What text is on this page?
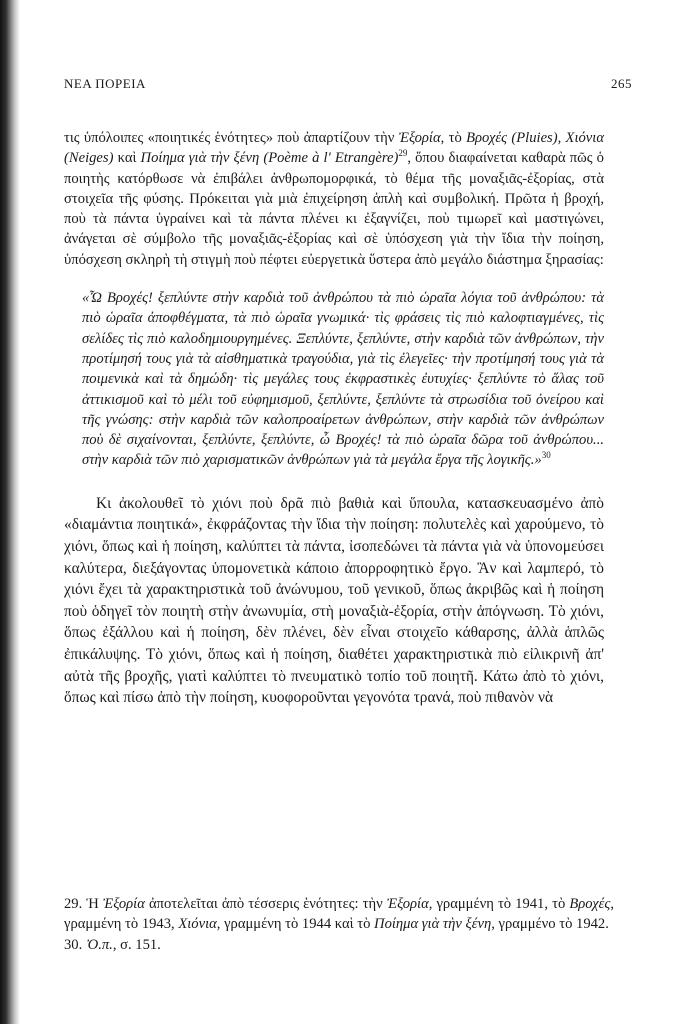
ΝΕΑ ΠΟΡΕΙΑ	265

τις ὑπόλοιπες «ποιητικές ἑνότητες» ποὺ ἀπαρτίζουν τὴν Ἐξορία, τὸ Βροχές (Pluies), Χιόνια (Neiges) καὶ Ποίημα γιὰ τὴν ξένη (Poème à l' Etrangère)$^{29}$, ὅπου διαφαίνεται καθαρὰ πῶς ὁ ποιητὴς κατόρθωσε νὰ ἐπιβάλει ἀνθρωπομορφικά, τὸ θέμα τῆς μοναξιᾶς-ἐξορίας, στὰ στοιχεῖα τῆς φύσης. Πρόκειται γιὰ μιὰ ἐπιχείρηση ἁπλὴ καὶ συμβολική. Πρῶτα ἡ βροχή, ποὺ τὰ πάντα ὑγραίνει καὶ τὰ πάντα πλένει κι ἐξαγνίζει, ποὺ τιμωρεῖ καὶ μαστιγώνει, ἀνάγεται σὲ σύμβολο τῆς μοναξιᾶς-ἐξορίας καὶ σὲ ὑπόσχεση γιὰ τὴν ἴδια τὴν ποίηση, ὑπόσχεση σκληρὴ τὴ στιγμὴ ποὺ πέφτει εὐεργετικὰ ὕστερα ἀπὸ μεγάλο διάστημα ξηρασίας:

«Ὦ Βροχές! ξεπλύντε στὴν καρδιὰ τοῦ ἀνθρώπου τὰ πιὸ ὡραῖα λόγια τοῦ ἀνθρώπου: τὰ πιὸ ὡραῖα ἀποφθέγματα, τὰ πιὸ ὡραῖα γνωμικά· τὶς φράσεις τὶς πιὸ καλοφτιαγμένες, τὶς σελίδες τὶς πιὸ καλοδημιουργημένες. Ξεπλύντε, ξεπλύντε, στὴν καρδιὰ τῶν ἀνθρώπων, τὴν προτίμησή τους γιὰ τὰ αἰσθηματικὰ τραγούδια, γιὰ τὶς ἐλεγεῖες· τὴν προτίμησή τους γιὰ τὰ ποιμενικὰ καὶ τὰ δημώδη· τὶς μεγάλες τους ἐκφραστικὲς ἐυτυχίες· ξεπλύντε τὸ ἅλας τοῦ ἀττικισμοῦ καὶ τὸ μέλι τοῦ εὐφημισμοῦ, ξεπλύντε, ξεπλύντε τὰ στρωσίδια τοῦ ὀνείρου καὶ τῆς γνώσης: στὴν καρδιὰ τῶν καλοπροαίρετων ἀνθρώπων, στὴν καρδιὰ τῶν ἀνθρώπων ποὺ δὲ σιχαίνονται, ξεπλύντε, ξεπλύντε, ὦ Βροχές! τὰ πιὸ ὡραῖα δῶρα τοῦ ἀνθρώπου... στὴν καρδιὰ τῶν πιὸ χαρισματικῶν ἀνθρώπων γιὰ τὰ μεγάλα ἔργα τῆς λογικῆς.»$^{30}$

Κι ἀκολουθεῖ τὸ χιόνι ποὺ δρᾶ πιὸ βαθιὰ καὶ ὕπουλα, κατασκευασμένο ἀπὸ «διαμάντια ποιητικά», ἐκφράζοντας τὴν ἴδια τὴν ποίηση: πολυτελὲς καὶ χαρούμενο, τὸ χιόνι, ὅπως καὶ ἡ ποίηση, καλύπτει τὰ πάντα, ἰσοπεδώνει τὰ πάντα γιὰ νὰ ὑπονομεύσει καλύτερα, διεξάγοντας ὑπομονετικὰ κάποιο ἀπορροφητικὸ ἔργο. Ἂν καὶ λαμπερό, τὸ χιόνι ἔχει τὰ χαρακτηριστικὰ τοῦ ἀνώνυμου, τοῦ γενικοῦ, ὅπως ἀκριβῶς καὶ ἡ ποίηση ποὺ ὁδηγεῖ τὸν ποιητὴ στὴν ἀνωνυμία, στὴ μοναξιὰ-ἐξορία, στὴν ἀπόγνωση. Τὸ χιόνι, ὅπως ἐξάλλου καὶ ἡ ποίηση, δὲν πλένει, δὲν εἶναι στοιχεῖο κάθαρσης, ἀλλὰ ἁπλῶς ἐπικάλυψης. Τὸ χιόνι, ὅπως καὶ ἡ ποίηση, διαθέτει χαρακτηριστικὰ πιὸ εἰλικρινῆ ἀπ' αὐτὰ τῆς βροχῆς, γιατὶ καλύπτει τὸ πνευματικὸ τοπίο τοῦ ποιητῆ. Κάτω ἀπὸ τὸ χιόνι, ὅπως καὶ πίσω ἀπὸ τὴν ποίηση, κυοφοροῦνται γεγονότα τρανά, ποὺ πιθανὸν νὰ

29. Ἡ Ἐξορία ἀποτελεῖται ἀπὸ τέσσερις ἑνότητες: τὴν Ἐξορία, γραμμένη τὸ 1941, τὸ Βροχές, γραμμένη τὸ 1943, Χιόνια, γραμμένη τὸ 1944 καὶ τὸ Ποίημα γιὰ τὴν ξένη, γραμμένο τὸ 1942.

30. Ὀ.π., σ. 151.
